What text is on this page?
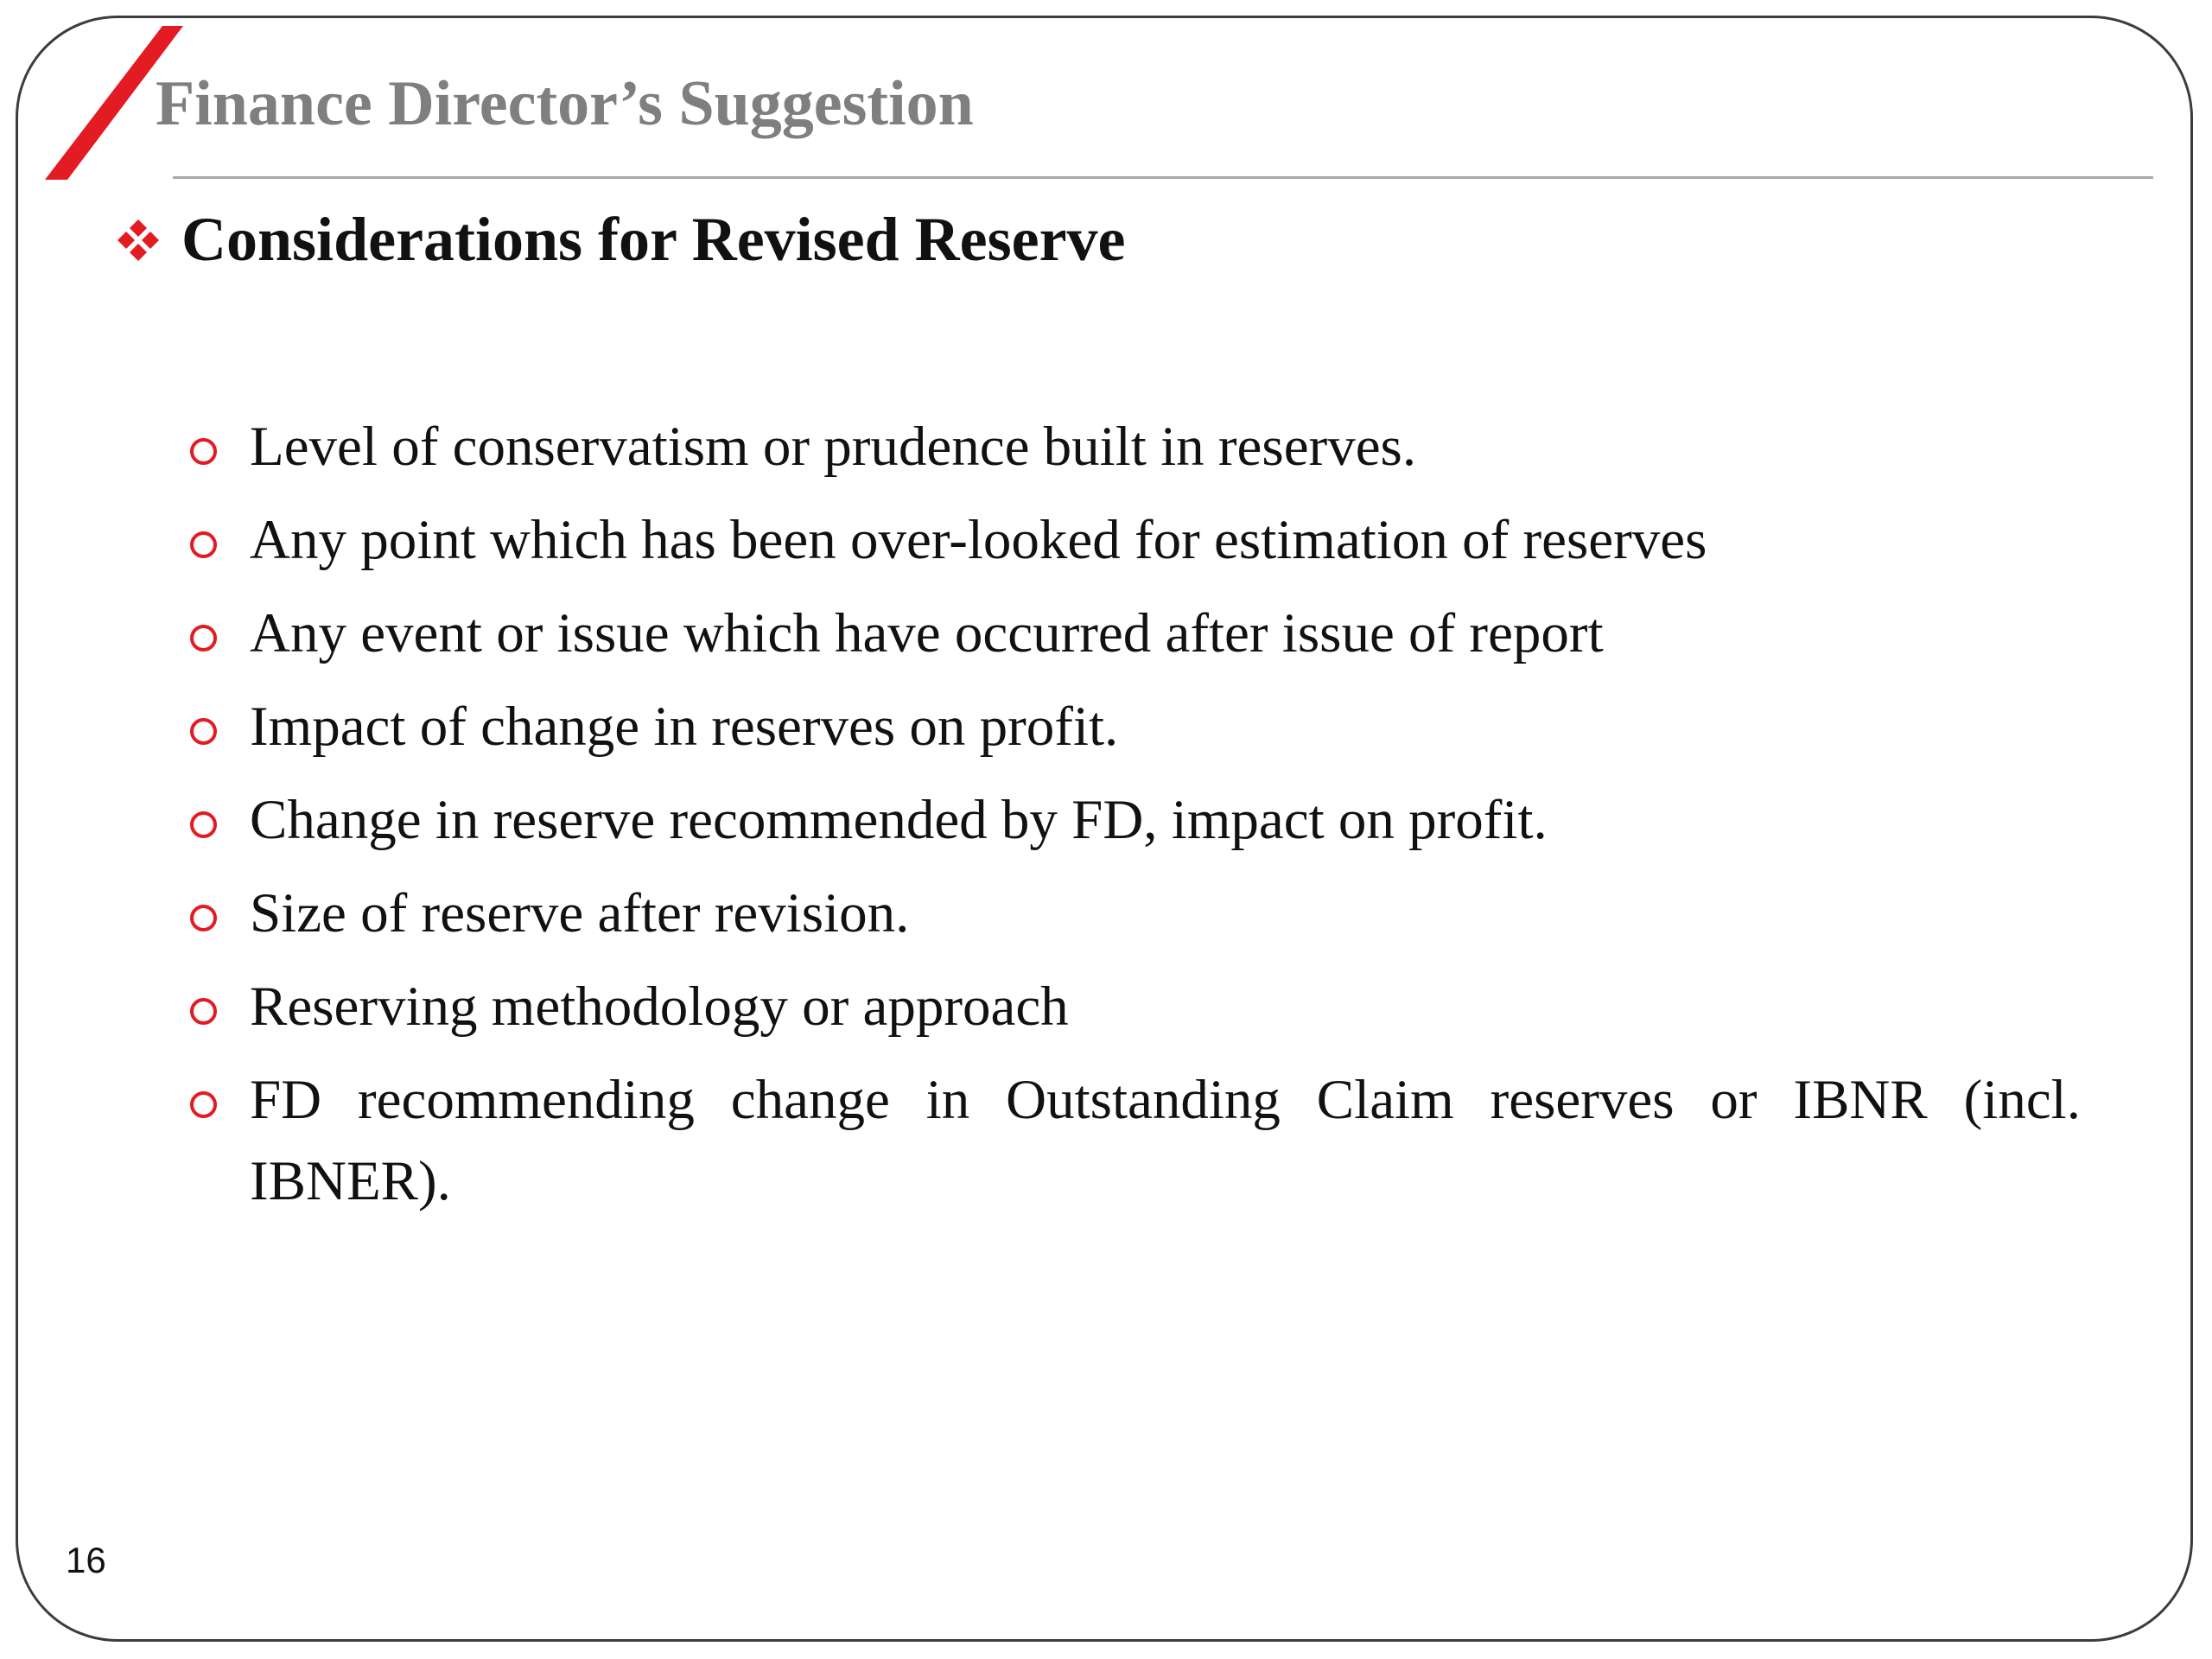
Finance Director’s Suggestion
Considerations for Revised Reserve
Level of conservatism or prudence built in reserves.
Any point which has been over-looked for estimation of reserves
Any event or issue which have occurred after issue of report
Impact of change in reserves on profit.
Change in reserve recommended by FD, impact on profit.
Size of reserve after revision.
Reserving methodology or approach
FD recommending change in Outstanding Claim reserves or IBNR (incl. IBNER).
16
